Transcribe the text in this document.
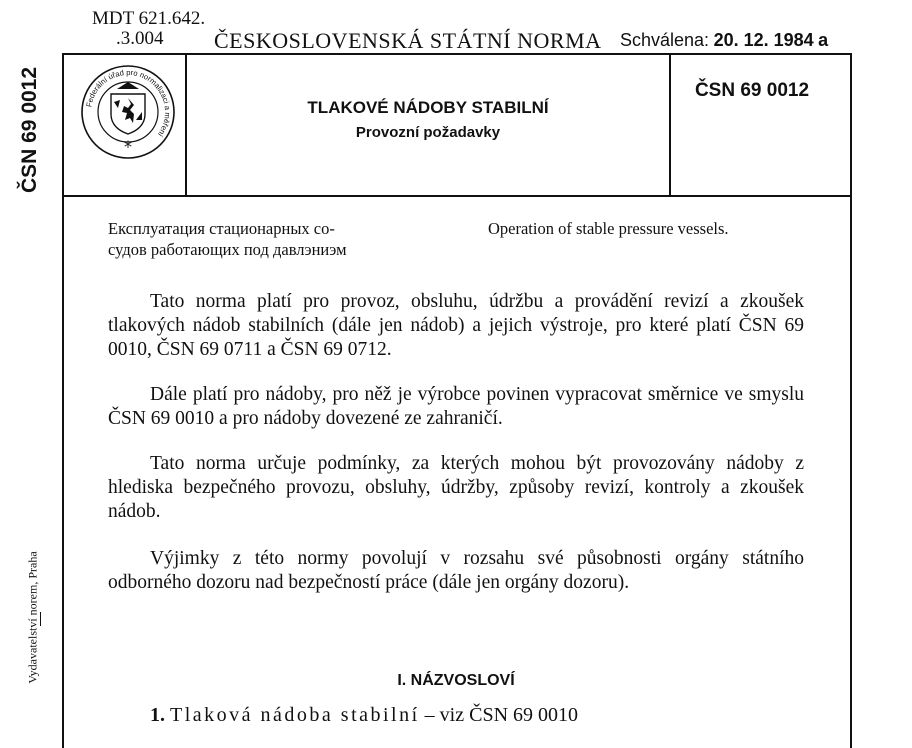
MDT 621.642.
.3.004 ČESKOSLOVENSKÁ STÁTNÍ NORMA Schválena: 20. 12. 1984 a
ČSN 69 0012
Vydavatelství norem, Praha
Federální úřad pro normalizaci a měření
*
TLAKOVÉ NÁDOBY STABILNÍ
Provozní požadavky
ČSN 69 0012
Експлуатация стационарных со-
судов работающих под давлэниэм
Operation of stable pressure vessels.

Tato norma platí pro provoz, obsluhu, údržbu a provádění revizí a zkoušek tlakových nádob stabilních (dále jen nádob) a jejich výstroje, pro které platí ČSN 69 0010, ČSN 69 0711 a ČSN 69 0712.

Dále platí pro nádoby, pro něž je výrobce povinen vypracovat směrnice ve smyslu ČSN 69 0010 a pro nádoby dovezené ze zahraničí.

Tato norma určuje podmínky, za kterých mohou být provozovány nádoby z hlediska bezpečného provozu, obsluhy, údržby, způsoby revizí, kontroly a zkoušek nádob.

Výjimky z této normy povolují v rozsahu své působnosti orgány státního odborného dozoru nad bezpečností práce (dále jen orgány dozoru).

I. NÁZVOSLOVÍ
1. Tlaková nádoba stabilní – viz ČSN 69 0010
